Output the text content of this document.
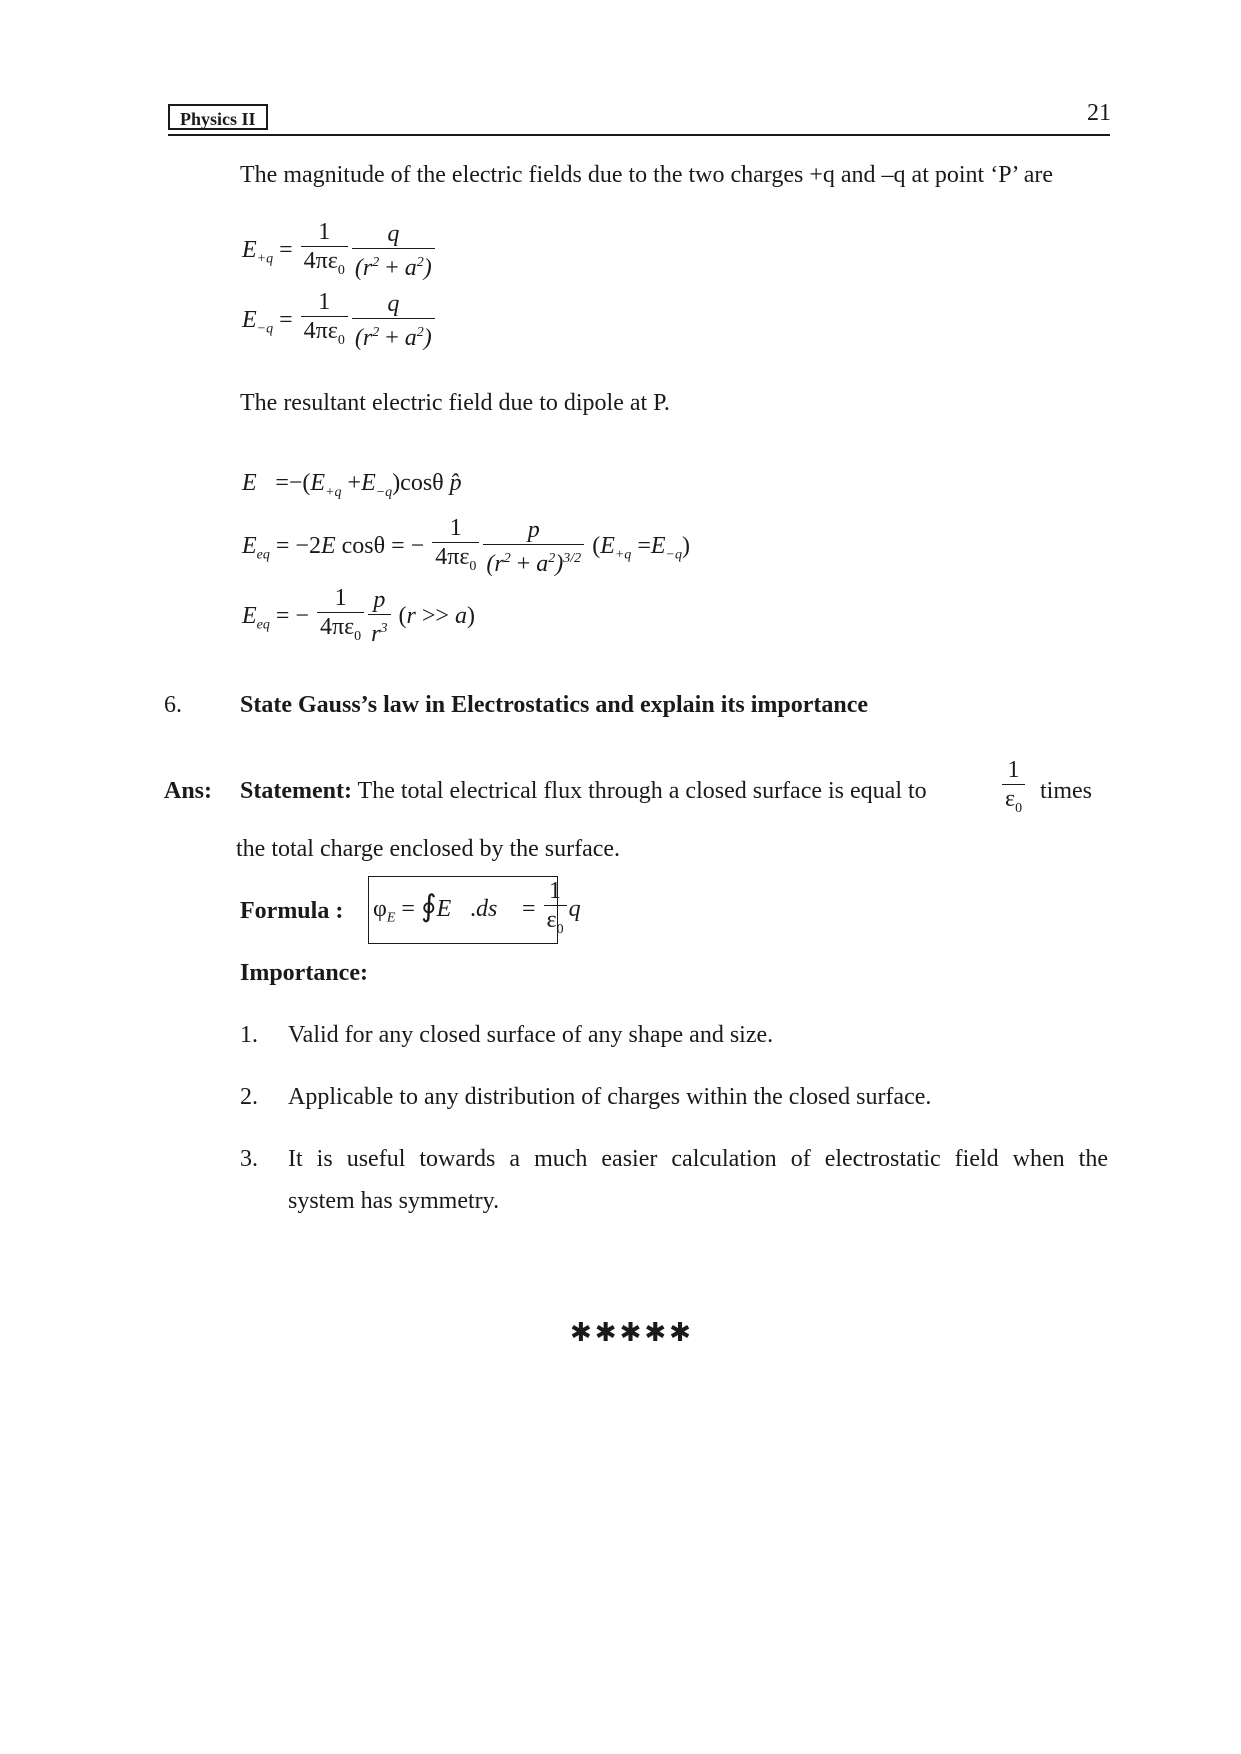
Physics II	21
The magnitude of the electric fields due to the two charges +q and –q at point ‘P’ are
$E_{+q} = \frac{1}{4\pi\varepsilon_0} \frac{q}{(r^2 + a^2)}$
$E_{-q} = \frac{1}{4\pi\varepsilon_0} \frac{q}{(r^2 + a^2)}$
The resultant electric field due to dipole at P.
$E⃗=-(E_{+q} +E_{-q})\cos\theta$ p̂
$E_{eq} = -2E$ cosθ = − $\frac{1}{4\pi\varepsilon_0} \frac{p}{(r^2 + a^2)^{3/2}} (E_{+q} =E_{-q})$
$E_{eq}$ = − $\frac{1}{4\pi\varepsilon_0} \frac{p}{r^3} (r >> a)$
6. State Gauss’s law in Electrostatics and explain its importance
Ans: Statement: The total electrical flux through a closed surface is equal to	$\frac{1}{\varepsilon_0}$ times
the total charge enclosed by the surface.
Formula : $\varphi_E$ = ∮E⃗.ds⃗ = $\frac{1}{\varepsilon_0}$ q
Importance:
1. Valid for any closed surface of any shape and size.
2. Applicable to any distribution of charges within the closed surface.
3. It is useful towards a much easier calculation of electrostatic field when the
system has symmetry.
✱✱✱✱✱
